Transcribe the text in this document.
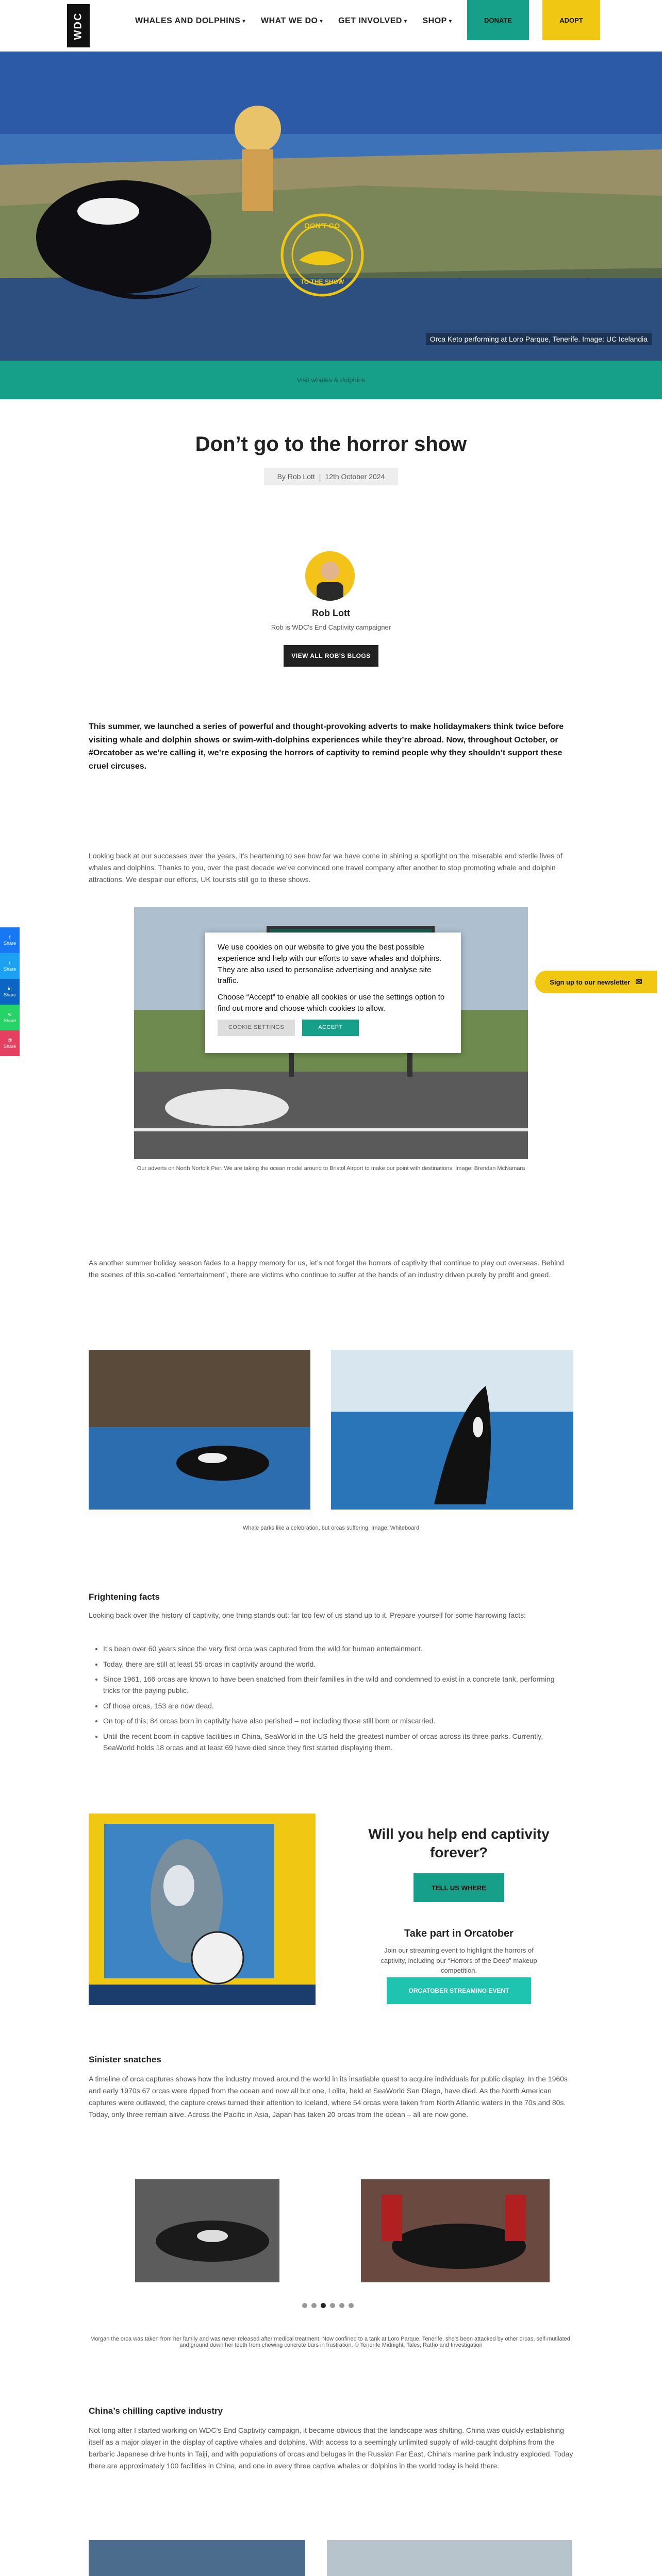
WDC	WHALES AND DOLPHINS ▾ WHAT WE DO ▾ GET INVOLVED ▾ SHOP ▾	DONATE	ADOPT
DON'T GO
TO THE SHOW
Orca Keto performing at Loro Parque, Tenerife. Image: UC Icelandia
Visit whales & dolphins
Don’t go to the horror show
By Rob Lott | 12th October 2024
Rob Lott
Rob is WDC's End Captivity campaigner
VIEW ALL ROB'S BLOGS

This summer, we launched a series of powerful and thought-provoking adverts to make holidaymakers think twice before visiting whale and dolphin shows or swim-with-dolphins experiences while they’re abroad. Now, throughout October, or #Orcatober as we’re calling it, we’re exposing the horrors of captivity to remind people why they shouldn’t support these cruel circuses.

Looking back at our successes over the years, it’s heartening to see how far we have come in shining a spotlight on the miserable and sterile lives of whales and dolphins. Thanks to you, over the past decade we’ve convinced one travel company after another to stop promoting whale and dolphin attractions. We despair our efforts, UK tourists still go to these shows.

f
Share
t
Share
in
Share
w
Share
@
Share
Our adverts on North Norfolk Pier. We are taking the ocean model around to Bristol Airport to make our point with destinations. Image: Brendan McNamara

We use cookies on our website to give you the best possible experience and help with our efforts to save whales and dolphins. They are also used to personalise advertising and analyse site traffic.

Choose “Accept” to enable all cookies or use the settings option to find out more and choose which cookies to allow.

COOKIE SETTINGS	ACCEPT
Sign up to our newsletter ✉

As another summer holiday season fades to a happy memory for us, let’s not forget the horrors of captivity that continue to play out overseas. Behind the scenes of this so-called “entertainment”, there are victims who continue to suffer at the hands of an industry driven purely by profit and greed.

Whale parks like a celebration, but orcas suffering. Image: Whiteboard
Frightening facts

Looking back over the history of captivity, one thing stands out: far too few of us stand up to it. Prepare yourself for some harrowing facts:

• It’s been over 60 years since the very first orca was captured from the wild for human entertainment.
• Today, there are still at least 55 orcas in captivity around the world.
• Since 1961, 166 orcas are known to have been snatched from their families in the wild and condemned to exist in a concrete tank, performing tricks for the paying public.
• Of those orcas, 153 are now dead.
• On top of this, 84 orcas born in captivity have also perished – not including those still born or miscarried.
• Until the recent boom in captive facilities in China, SeaWorld in the US held the greatest number of orcas across its three parks. Currently, SeaWorld holds 18 orcas and at least 69 have died since they first started displaying them.
Will you help end captivity forever?
TELL US WHERE
Take part in Orcatober
Join our streaming event to highlight the horrors of captivity, including our “Horrors of the Deep” makeup competition.
ORCATOBER STREAMING EVENT
Sinister snatches

A timeline of orca captures shows how the industry moved around the world in its insatiable quest to acquire individuals for public display. In the 1960s and early 1970s 67 orcas were ripped from the ocean and now all but one, Lolita, held at SeaWorld San Diego, have died. As the North American captures were outlawed, the capture crews turned their attention to Iceland, where 54 orcas were taken from North Atlantic waters in the 70s and 80s. Today, only three remain alive. Across the Pacific in Asia, Japan has taken 20 orcas from the ocean – all are now gone.

Morgan the orca was taken from her family and was never released after medical treatment. Now confined to a tank at Loro Parque, Tenerife, she’s been attacked by other orcas, self-mutilated, and ground down her teeth from chewing concrete bars in frustration. © Tenerife Midnight, Tales, Ratho and Investigation
China’s chilling captive industry

Not long after I started working on WDC’s End Captivity campaign, it became obvious that the landscape was shifting. China was quickly establishing itself as a major player in the display of captive whales and dolphins. With access to a seemingly unlimited supply of wild-caught dolphins from the barbaric Japanese drive hunts in Taiji, and with populations of orcas and belugas in the Russian Far East, China’s marine park industry exploded. Today there are approximately 100 facilities in China, and one in every three captive whales or dolphins in the world today is held there.
